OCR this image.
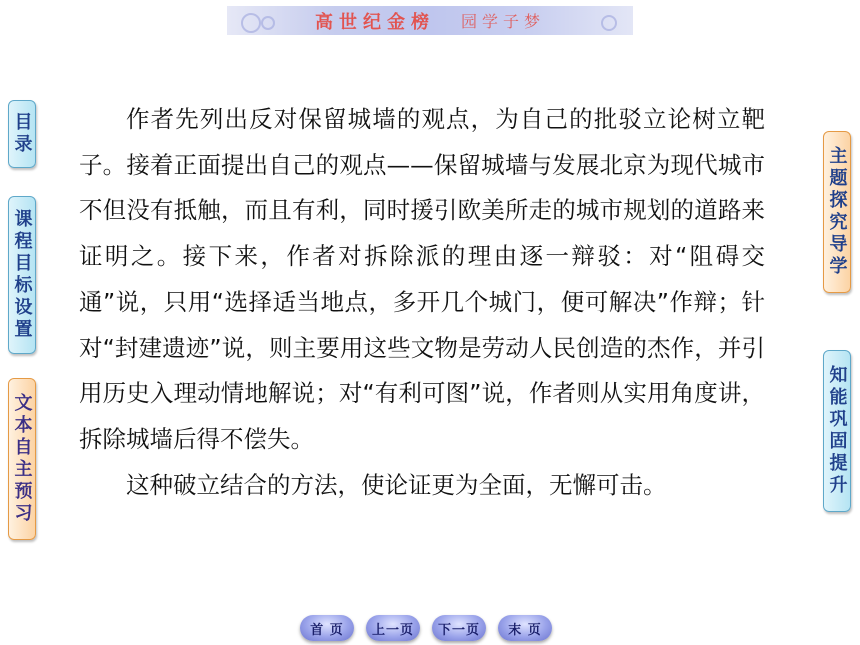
高世纪金榜 园学子梦
目录
课程目标设置
文本自主预习
主题探究导学
知能巩固提升

作者先列出反对保留城墙的观点，为自己的批驳立论树立靶子。接着正面提出自己的观点——保留城墙与发展北京为现代城市不但没有抵触，而且有利，同时援引欧美所走的城市规划的道路来证明之。接下来，作者对拆除派的理由逐一辩驳：对“阻碍交通”说，只用“选择适当地点，多开几个城门，便可解决”作辩；针对“封建遗迹”说，则主要用这些文物是劳动人民创造的杰作，并引用历史入理动情地解说；对“有利可图”说，作者则从实用角度讲，拆除城墙后得不偿失。

这种破立结合的方法，使论证更为全面，无懈可击。

首 页	上一页	下一页	末 页
